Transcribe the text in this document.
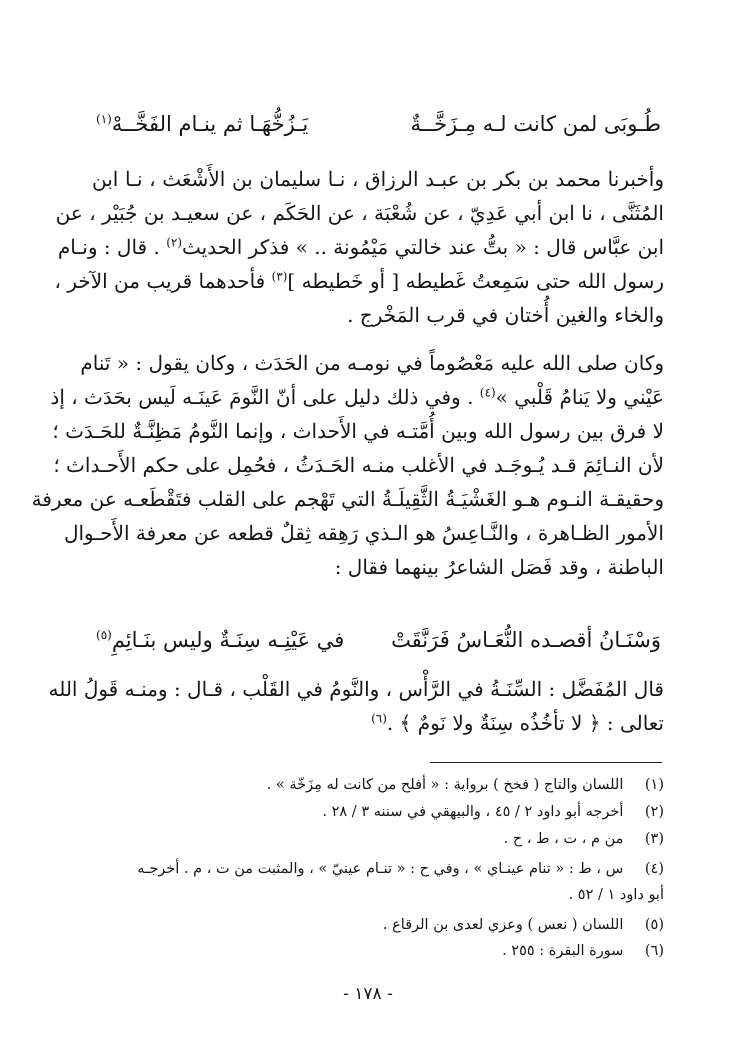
طُـوبَى لمن كانت لـه مِـزَخَّــةٌ
يَـزُخُّهَـا ثم ينـام الفَخَّــهْ$^{(١)}$
وأخبرنا محمد بن بكر بن عبـد الرزاق ، نـا سليمان بن الأَشْعَث ، نـا ابن
المُثَنَّى ، نا ابن أبي عَدِيّ ، عن شُعْبَة ، عن الحَكَم ، عن سعيـد بن جُبَيْر ، عن
ابن عبَّاس قال : « بتُّ عند خالتي مَيْمُونة .. » فذكر الحديث$^{(٢)}$ . قال : ونـام
رسول الله حتى سَمِعتُ غَطيطه [ أو خَطيطه ]$^{(٣)}$ فأحدهما قريب من الآخر ،
والخاء والغين أُختان في قرب المَخْرج .
وكان صلى الله عليه مَعْصُوماً في نومـه من الحَدَث ، وكان يقول : « تَنام
عَيْني ولا يَنامُ قَلْبي »$^{(٤)}$ . وفي ذلك دليل على أنّ النَّومَ عَينَـه لَيس بحَدَث ، إذ
لا فرق بين رسول الله وبين أُمَّتـه في الأَحداث ، وإنما النَّومُ مَظِنَّـةٌ للحَـدَث ؛
لأن النـائِمَ قـد يُـوجَـد في الأغلب منـه الحَـدَثُ ، فحُمِل على حكم الأَحـداث ؛
وحقيقـة النـوم هـو الغَشْيَـةُ الثَّقِيلَـةُ التي تَهْجم على القلب فتَقْطَعـه عن معرفة
الأمور الظـاهرة ، والنَّـاعِسُ هو الـذي رَهِقه ثِقلٌ قطعه عن معرفة الأَحـوال
الباطنة ، وقد فَصَل الشاعرُ بينهما فقال :
وَسْنَـانُ أقصـده النُّعَـاسُ فَرَنَّقَتْ
في عَيْنِـه سِنَـةٌ وليس بنَـائِمِ$^{(٥)}$
قال المُفَضَّل : السِّنَـةُ في الرَّأْس ، والنَّومُ في القَلْب ، قـال : ومنـه قَولُ الله
تعالى : ﴿ لا تأخُذُه سِنَةٌ ولا نَومٌ ﴾ .$^{(٦)}$
(١) اللسان والتاج ( فخخ ) برواية : « أفلح من كانت له مِزَخّة » .
(٢) أخرجه أبو داود ٢ / ٤٥ ، والبيهقي في سننه ٣ / ٢٨ .
(٣) من م ، ت ، ط ، ح .
(٤) س ، ط : « تنام عينـاي » ، وفي ح : « تنـام عينيّ » ، والمثبت من ت ، م . أخرجـه
أبو داود ١ / ٥٢ .
(٥) اللسان ( نعس ) وعزي لعدى بن الرقاع .
(٦) سورة البقرة : ٢٥٥ .
- ١٧٨ -
